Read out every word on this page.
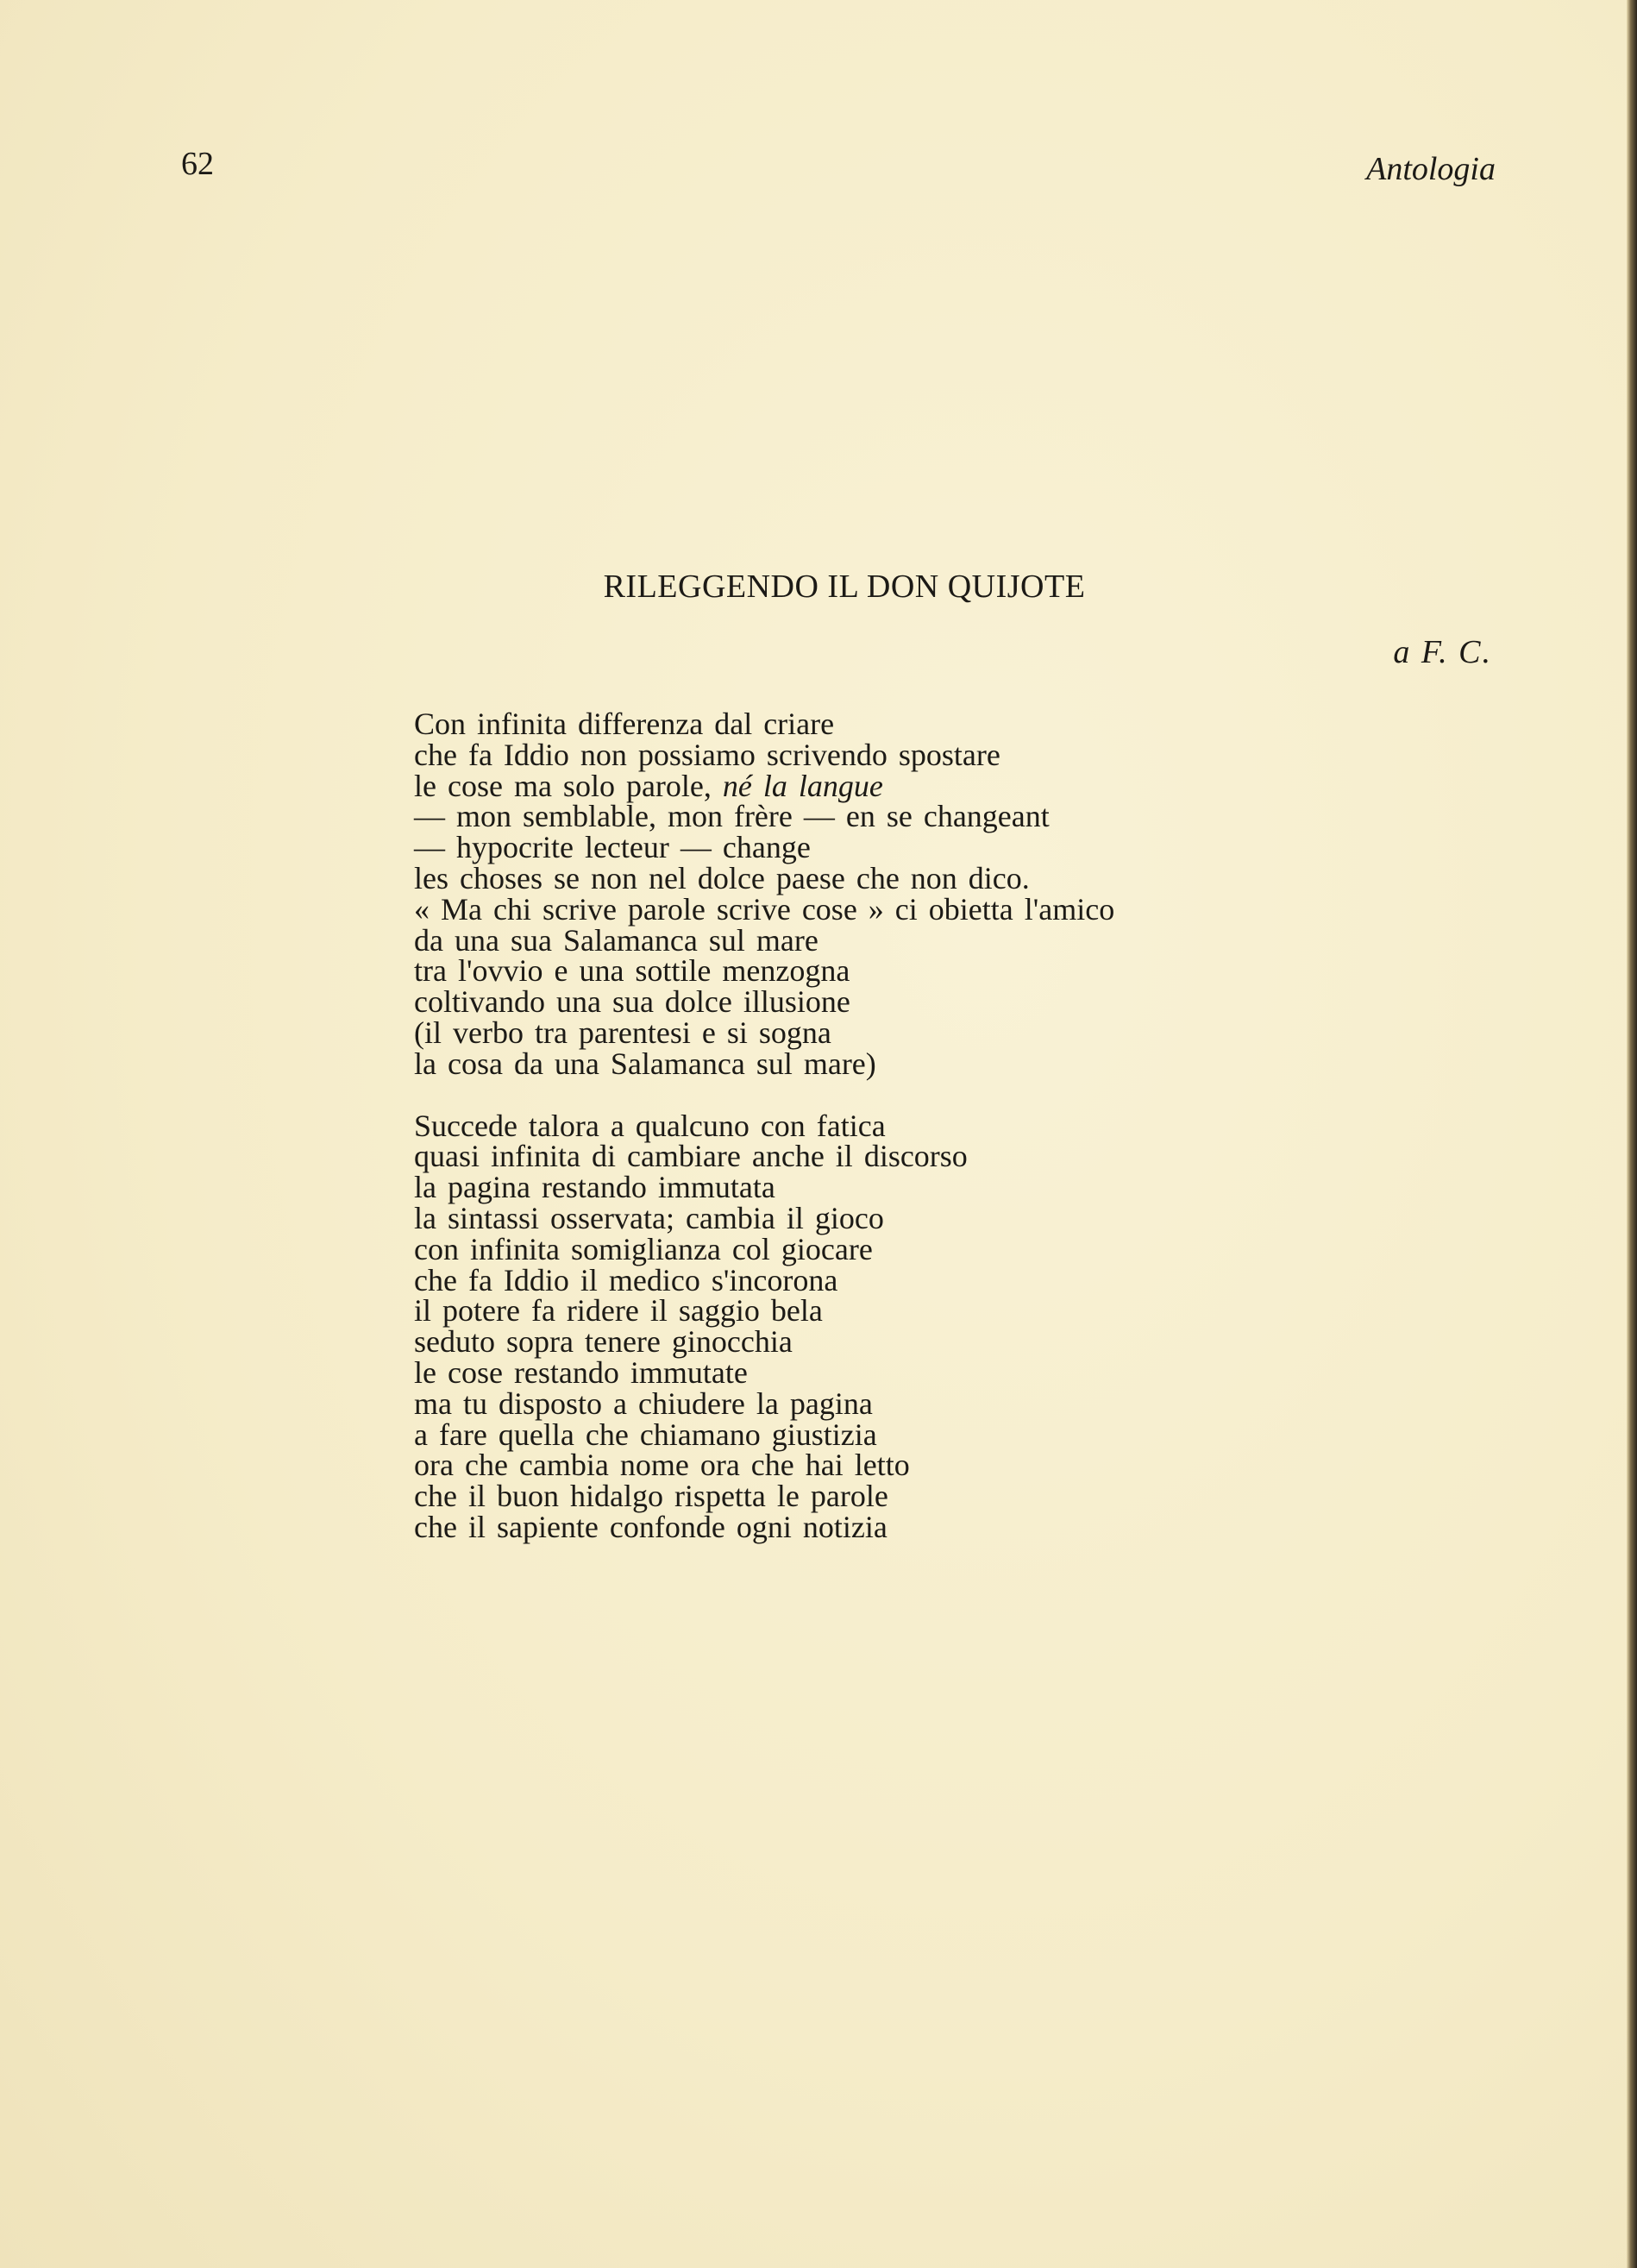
62	Antologia
RILEGGENDO IL DON QUIJOTE
a F. C.
Con infinita differenza dal criare
che fa Iddio non possiamo scrivendo spostare
le cose ma solo parole, né la langue
— mon semblable, mon frère — en se changeant
— hypocrite lecteur — change
les choses se non nel dolce paese che non dico.
« Ma chi scrive parole scrive cose » ci obietta l'amico
da una sua Salamanca sul mare
tra l'ovvio e una sottile menzogna
coltivando una sua dolce illusione
(il verbo tra parentesi e si sogna
la cosa da una Salamanca sul mare)
Succede talora a qualcuno con fatica
quasi infinita di cambiare anche il discorso
la pagina restando immutata
la sintassi osservata; cambia il gioco
con infinita somiglianza col giocare
che fa Iddio il medico s'incorona
il potere fa ridere il saggio bela
seduto sopra tenere ginocchia
le cose restando immutate
ma tu disposto a chiudere la pagina
a fare quella che chiamano giustizia
ora che cambia nome ora che hai letto
che il buon hidalgo rispetta le parole
che il sapiente confonde ogni notizia
